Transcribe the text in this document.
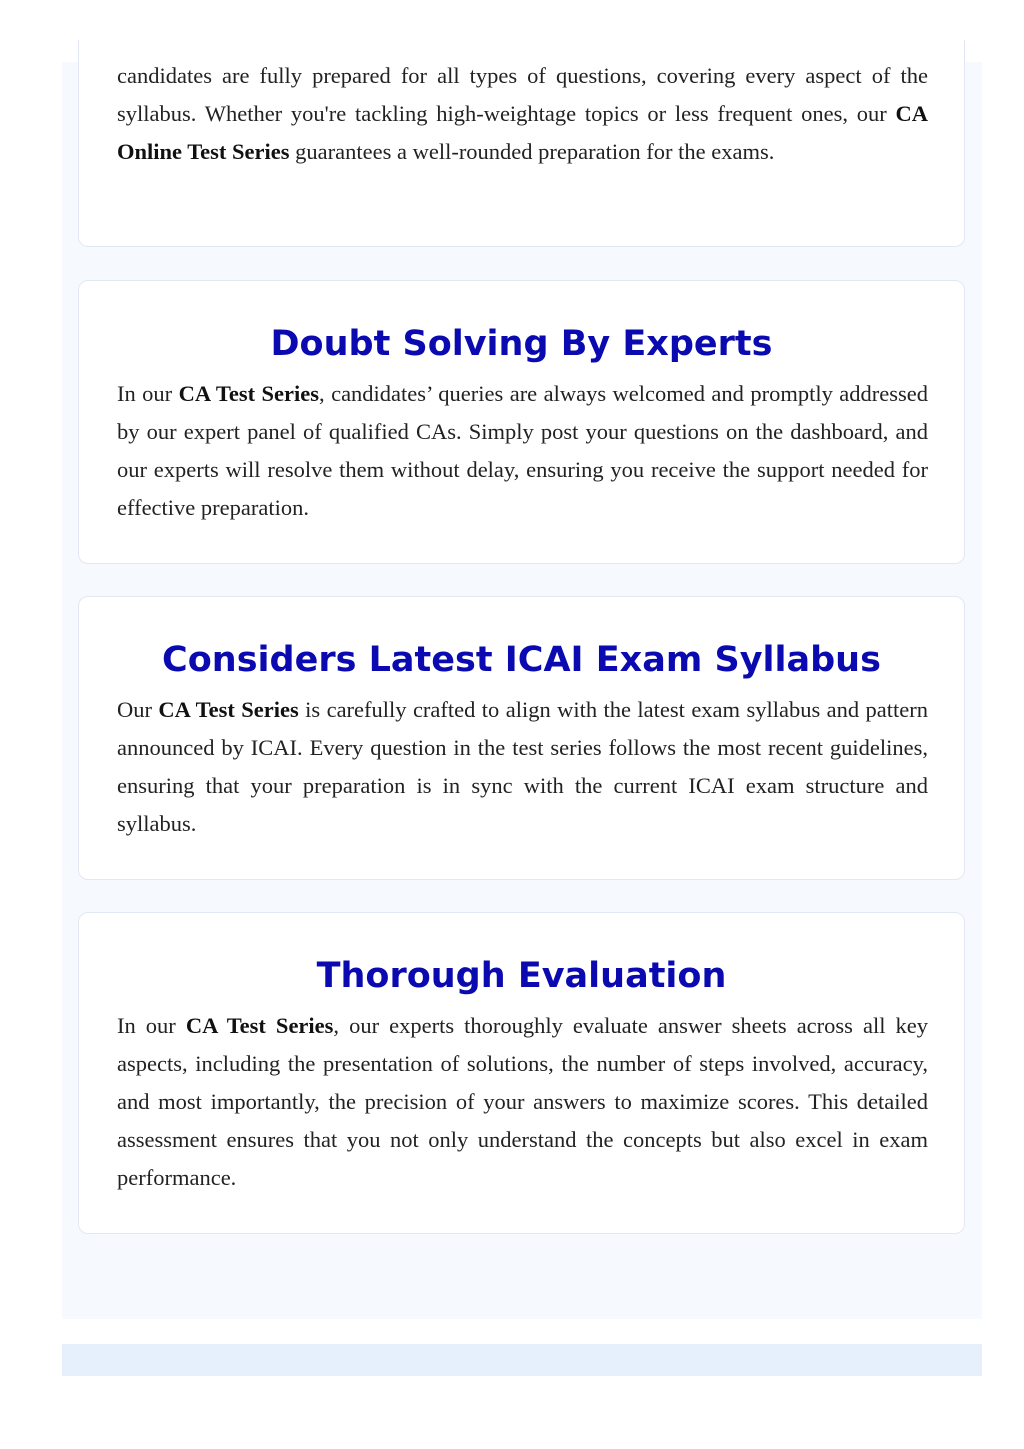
candidates are fully prepared for all types of questions, covering every aspect of the syllabus. Whether you're tackling high-weightage topics or less frequent ones, our CA Online Test Series guarantees a well-rounded preparation for the exams.

Doubt Solving By Experts

In our CA Test Series, candidates’ queries are always welcomed and promptly addressed by our expert panel of qualified CAs. Simply post your questions on the dashboard, and our experts will resolve them without delay, ensuring you receive the support needed for effective preparation.

Considers Latest ICAI Exam Syllabus

Our CA Test Series is carefully crafted to align with the latest exam syllabus and pattern announced by ICAI. Every question in the test series follows the most recent guidelines, ensuring that your preparation is in sync with the current ICAI exam structure and syllabus.

Thorough Evaluation

In our CA Test Series, our experts thoroughly evaluate answer sheets across all key aspects, including the presentation of solutions, the number of steps involved, accuracy, and most importantly, the precision of your answers to maximize scores. This detailed assessment ensures that you not only understand the concepts but also excel in exam performance.
